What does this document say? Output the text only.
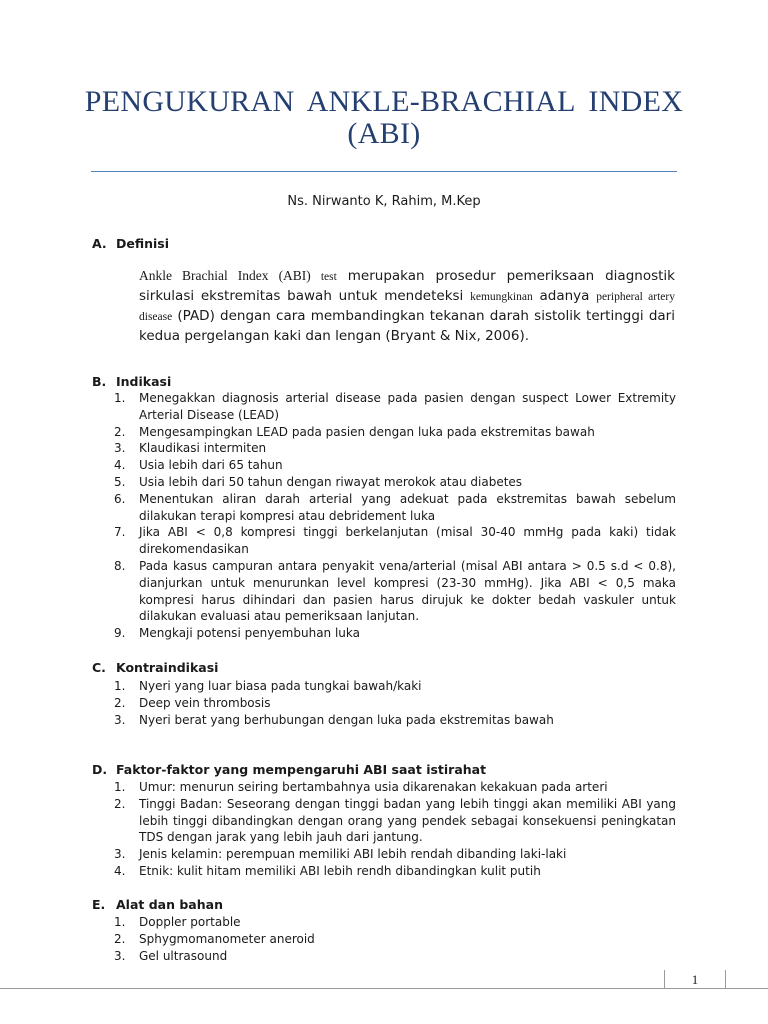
PENGUKURAN ANKLE-BRACHIAL INDEX
(ABI)
Ns. Nirwanto K, Rahim, M.Kep
A. Definisi
Ankle Brachial Index (ABI) test merupakan prosedur pemeriksaan diagnostik sirkulasi ekstremitas bawah untuk mendeteksi kemungkinan adanya peripheral artery disease (PAD) dengan cara membandingkan tekanan darah sistolik tertinggi dari kedua pergelangan kaki dan lengan (Bryant & Nix, 2006).
B. Indikasi
1. Menegakkan diagnosis arterial disease pada pasien dengan suspect Lower Extremity Arterial Disease (LEAD)
2. Mengesampingkan LEAD pada pasien dengan luka pada ekstremitas bawah
3. Klaudikasi intermiten
4. Usia lebih dari 65 tahun
5. Usia lebih dari 50 tahun dengan riwayat merokok atau diabetes
6. Menentukan aliran darah arterial yang adekuat pada ekstremitas bawah sebelum dilakukan terapi kompresi atau debridement luka
7. Jika ABI < 0,8 kompresi tinggi berkelanjutan (misal 30-40 mmHg pada kaki) tidak direkomendasikan
8. Pada kasus campuran antara penyakit vena/arterial (misal ABI antara > 0.5 s.d < 0.8), dianjurkan untuk menurunkan level kompresi (23-30 mmHg). Jika ABI < 0,5 maka kompresi harus dihindari dan pasien harus dirujuk ke dokter bedah vaskuler untuk dilakukan evaluasi atau pemeriksaan lanjutan.
9. Mengkaji potensi penyembuhan luka
C. Kontraindikasi
1. Nyeri yang luar biasa pada tungkai bawah/kaki
2. Deep vein thrombosis
3. Nyeri berat yang berhubungan dengan luka pada ekstremitas bawah
D. Faktor-faktor yang mempengaruhi ABI saat istirahat
1. Umur: menurun seiring bertambahnya usia dikarenakan kekakuan pada arteri
2. Tinggi Badan: Seseorang dengan tinggi badan yang lebih tinggi akan memiliki ABI yang lebih tinggi dibandingkan dengan orang yang pendek sebagai konsekuensi peningkatan TDS dengan jarak yang lebih jauh dari jantung.
3. Jenis kelamin: perempuan memiliki ABI lebih rendah dibanding laki-laki
4. Etnik: kulit hitam memiliki ABI lebih rendh dibandingkan kulit putih
E. Alat dan bahan
1. Doppler portable
2. Sphygmomanometer aneroid
3. Gel ultrasound
1
